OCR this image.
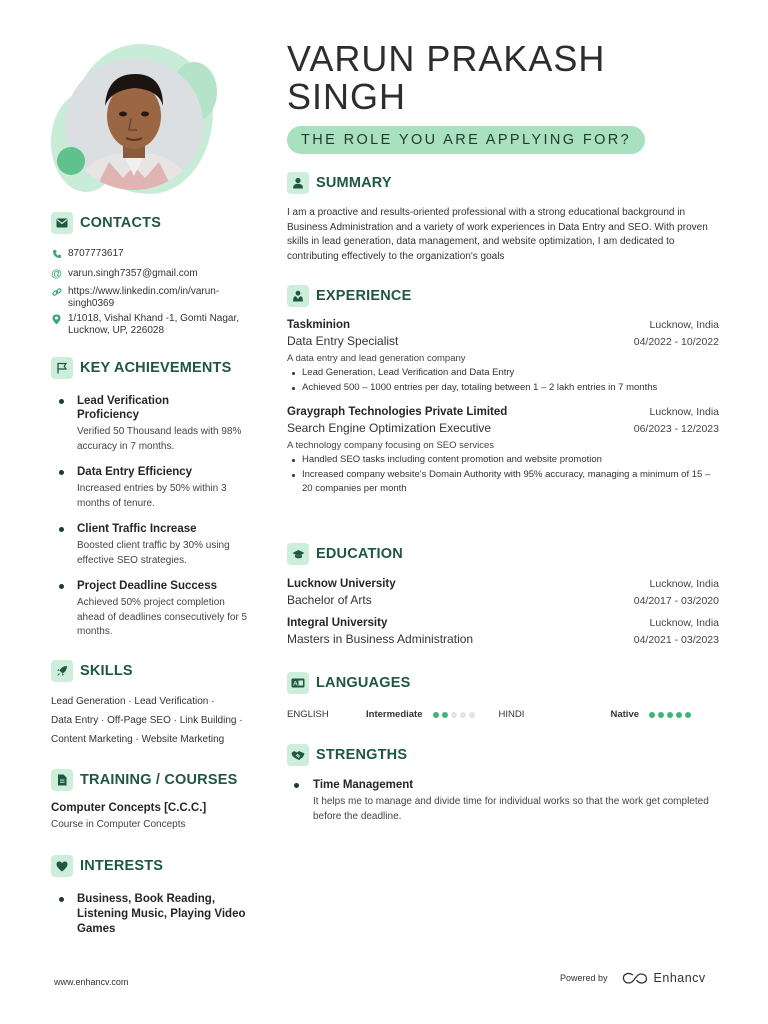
CONTACTS
8707773617
@ varun.singh7357@gmail.com
https://www.linkedin.com/in/varun-singh0369
1/1018, Vishal Khand -1, Gomti Nagar, Lucknow, UP, 226028
KEY ACHIEVEMENTS
Lead Verification Proficiency
Verified 50 Thousand leads with 98% accuracy in 7 months.
Data Entry Efficiency
Increased entries by 50% within 3 months of tenure.
Client Traffic Increase
Boosted client traffic by 30% using effective SEO strategies.
Project Deadline Success
Achieved 50% project completion ahead of deadlines consecutively for 5 months.
SKILLS
Lead Generation · Lead Verification ·
Data Entry · Off-Page SEO · Link Building ·
Content Marketing · Website Marketing
TRAINING / COURSES
Computer Concepts [C.C.C.]
Course in Computer Concepts
INTERESTS
Business, Book Reading, Listening Music, Playing Video Games
VARUN PRAKASH
SINGH
THE ROLE YOU ARE APPLYING FOR?
SUMMARY
I am a proactive and results-oriented professional with a strong educational background in Business Administration and a variety of work experiences in Data Entry and SEO. With proven skills in lead generation, data management, and website optimization, I am dedicated to contributing effectively to the organization's goals
EXPERIENCE
Taskminion	Lucknow, India
Data Entry Specialist	04/2022 - 10/2022
A data entry and lead generation company
Lead Generation, Lead Verification and Data Entry
Achieved 500 – 1000 entries per day, totaling between 1 – 2 lakh entries in 7 months
Graygraph Technologies Private Limited	Lucknow, India
Search Engine Optimization Executive	06/2023 - 12/2023
A technology company focusing on SEO services
Handled SEO tasks including content promotion and website promotion
Increased company website's Domain Authority with 95% accuracy, managing a minimum of 15 – 20 companies per month
EDUCATION
Lucknow University	Lucknow, India
Bachelor of Arts	04/2017 - 03/2020
Integral University	Lucknow, India
Masters in Business Administration	04/2021 - 03/2023
A LANGUAGES
ENGLISH	Intermediate	HINDI	Native
STRENGTHS
Time Management
It helps me to manage and divide time for individual works so that the work get completed before the deadline.
www.enhancv.com	Powered by	Enhancv
